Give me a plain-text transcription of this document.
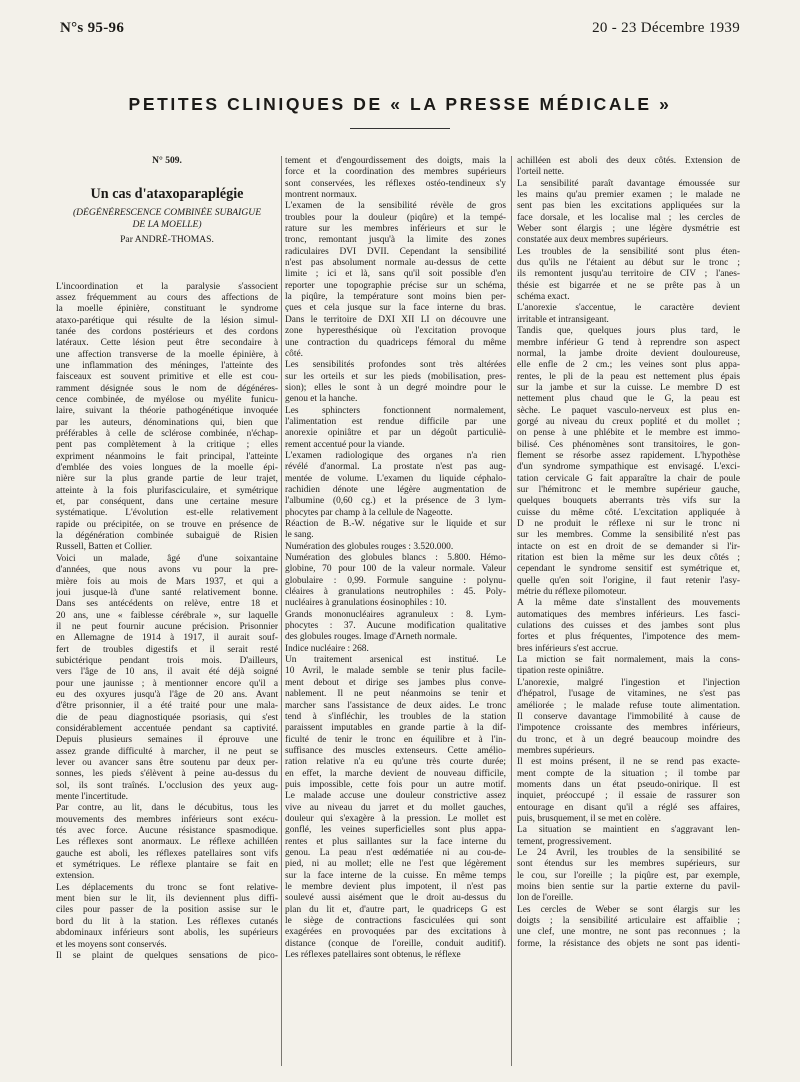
N°s 95-96	20 - 23 Décembre 1939
PETITES CLINIQUES DE « LA PRESSE MÉDICALE »
N° 509.
Un cas d'ataxoparaplégie
(DÉGÉNÉRESCENCE COMBINÉE SUBAIGUE
DE LA MOELLE)
Par ANDRÉ-THOMAS.
L'incoordination et la paralysie s'associent
assez fréquemment au cours des affections de
la moelle épinière, constituant le syndrome
ataxo-parétique qui résulte de la lésion simul-
tanée des cordons postérieurs et des cordons
latéraux. Cette lésion peut être secondaire à
une affection transverse de la moelle épinière, à
une inflammation des méninges, l'atteinte des
faisceaux est souvent primitive et elle est cou-
ramment désignée sous le nom de dégénéres-
cence combinée, de myélose ou myélite funicu-
laire, suivant la théorie pathogénétique invoquée
par les auteurs, dénominations qui, bien que
préférables à celle de sclérose combinée, n'échap-
pent pas complètement à la critique ; elles
expriment néanmoins le fait principal, l'atteinte
d'emblée des voies longues de la moelle épi-
nière sur la plus grande partie de leur trajet,
atteinte à la fois plurifasciculaire, et symétrique
et, par conséquent, dans une certaine mesure
systématique. L'évolution est-elle relativement
rapide ou précipitée, on se trouve en présence de
la dégénération combinée subaiguë de Risien
Russell, Batten et Collier.
Voici un malade, âgé d'une soixantaine
d'années, que nous avons vu pour la pre-
mière fois au mois de Mars 1937, et qui a
joui jusque-là d'une santé relativement bonne.
Dans ses antécédents on relève, entre 18 et
20 ans, une « faiblesse cérébrale », sur laquelle
il ne peut fournir aucune précision. Prisonnier
en Allemagne de 1914 à 1917, il aurait souf-
fert de troubles digestifs et il serait resté
subictérique pendant trois mois. D'ailleurs,
vers l'âge de 10 ans, il avait été déjà soigné
pour une jaunisse ; à mentionner encore qu'il a
eu des oxyures jusqu'à l'âge de 20 ans. Avant
d'être prisonnier, il a été traité pour une mala-
die de peau diagnostiquée psoriasis, qui s'est
considérablement accentuée pendant sa captivité.
Depuis plusieurs semaines il éprouve une
assez grande difficulté à marcher, il ne peut se
lever ou avancer sans être soutenu par deux per-
sonnes, les pieds s'élèvent à peine au-dessus du
sol, ils sont traînés. L'occlusion des yeux aug-
mente l'incertitude.
Par contre, au lit, dans le décubitus, tous les
mouvements des membres inférieurs sont exécu-
tés avec force. Aucune résistance spasmodique.
Les réflexes sont anormaux. Le réflexe achilléen
gauche est aboli, les réflexes patellaires sont vifs
et symétriques. Le réflexe plantaire se fait en
extension.
Les déplacements du tronc se font relative-
ment bien sur le lit, ils deviennent plus diffi-
ciles pour passer de la position assise sur le
bord du lit à la station. Les réflexes cutanés
abdominaux inférieurs sont abolis, les supérieurs
et les moyens sont conservés.
Il se plaint de quelques sensations de pico-
tement et d'engourdissement des doigts, mais la
force et la coordination des membres supérieurs
sont conservées, les réflexes ostéo-tendineux s'y
montrent normaux.
L'examen de la sensibilité révèle de gros
troubles pour la douleur (piqûre) et la tempé-
rature sur les membres inférieurs et sur le
tronc, remontant jusqu'à la limite des zones
radiculaires DVI DVII. Cependant la sensibilité
n'est pas absolument normale au-dessus de cette
limite ; ici et là, sans qu'il soit possible d'en
reporter une topographie précise sur un schéma,
la piqûre, la température sont moins bien per-
çues et cela jusque sur la face interne du bras.
Dans le territoire de DXI XII LI on découvre une
zone hyperesthésique où l'excitation provoque
une contraction du quadriceps fémoral du même
côté.
Les sensibilités profondes sont très altérées
sur les orteils et sur les pieds (mobilisation, pres-
sion); elles le sont à un degré moindre pour le
genou et la hanche.
Les sphincters fonctionnent normalement,
l'alimentation est rendue difficile par une
anorexie opiniâtre et par un dégoût particuliè-
rement accentué pour la viande.
L'examen radiologique des organes n'a rien
révélé d'anormal. La prostate n'est pas aug-
mentée de volume. L'examen du liquide céphalo-
rachidien dénote une légère augmentation de
l'albumine (0,60 cg.) et la présence de 3 lym-
phocytes par champ à la cellule de Nageotte.
Réaction de B.-W. négative sur le liquide et sur
le sang.
Numération des globules rouges : 3.520.000.
Numération des globules blancs : 5.800. Hémo-
globine, 70 pour 100 de la valeur normale. Valeur
globulaire : 0,99. Formule sanguine : polynu-
cléaires à granulations neutrophiles : 45. Poly-
nucléaires à granulations éosinophiles : 10.
Grands mononucléaires agranuleux : 8. Lym-
phocytes : 37. Aucune modification qualitative
des globules rouges. Image d'Arneth normale.
Indice nucléaire : 268.
Un traitement arsenical est institué. Le
10 Avril, le malade semble se tenir plus facile-
ment debout et dirige ses jambes plus conve-
nablement. Il ne peut néanmoins se tenir et
marcher sans l'assistance de deux aides. Le tronc
tend à s'infléchir, les troubles de la station
paraissent imputables en grande partie à la dif-
ficulté de tenir le tronc en équilibre et à l'in-
suffisance des muscles extenseurs. Cette amélio-
ration relative n'a eu qu'une très courte durée;
en effet, la marche devient de nouveau difficile,
puis impossible, cette fois pour un autre motif.
Le malade accuse une douleur constrictive assez
vive au niveau du jarret et du mollet gauches,
douleur qui s'exagère à la pression. Le mollet est
gonflé, les veines superficielles sont plus appa-
rentes et plus saillantes sur la face interne du
genou. La peau n'est œdématiée ni au cou-de-
pied, ni au mollet; elle ne l'est que légèrement
sur la face interne de la cuisse. En même temps
le membre devient plus impotent, il n'est pas
soulevé aussi aisément que le droit au-dessus du
plan du lit et, d'autre part, le quadriceps G est
le siège de contractions fasciculées qui sont
exagérées en provoquées par des excitations à
distance (conque de l'oreille, conduit auditif).
Les réflexes patellaires sont obtenus, le réflexe
achilléen est aboli des deux côtés. Extension de
l'orteil nette.
La sensibilité paraît davantage émoussée sur
les mains qu'au premier examen ; le malade ne
sent pas bien les excitations appliquées sur la
face dorsale, et les localise mal ; les cercles de
Weber sont élargis ; une légère dysmétrie est
constatée aux deux membres supérieurs.
Les troubles de la sensibilité sont plus éten-
dus qu'ils ne l'étaient au début sur le tronc ;
ils remontent jusqu'au territoire de CIV ; l'anes-
thésie est bigarrée et ne se prête pas à un
schéma exact.
L'anorexie s'accentue, le caractère devient
irritable et intransigeant.
Tandis que, quelques jours plus tard, le
membre inférieur G tend à reprendre son aspect
normal, la jambe droite devient douloureuse,
elle enfle de 2 cm.; les veines sont plus appa-
rentes, le pli de la peau est nettement plus épais
sur la jambe et sur la cuisse. Le membre D est
nettement plus chaud que le G, la peau est
sèche. Le paquet vasculo-nerveux est plus en-
gorgé au niveau du creux poplité et du mollet ;
on pense à une phlébite et le membre est immo-
bilisé. Ces phénomènes sont transitoires, le gon-
flement se résorbe assez rapidement. L'hypothèse
d'un syndrome sympathique est envisagé. L'exci-
tation cervicale G fait apparaître la chair de poule
sur l'hémitronc et le membre supérieur gauche,
quelques bouquets aberrants très vifs sur la
cuisse du même côté. L'excitation appliquée à
D ne produit le réflexe ni sur le tronc ni
sur les membres. Comme la sensibilité n'est pas
intacte on est en droit de se demander si l'ir-
ritation est bien la même sur les deux côtés ;
cependant le syndrome sensitif est symétrique et,
quelle qu'en soit l'origine, il faut retenir l'asy-
métrie du réflexe pilomoteur.
A la même date s'installent des mouvements
automatiques des membres inférieurs. Les fasci-
culations des cuisses et des jambes sont plus
fortes et plus fréquentes, l'impotence des mem-
bres inférieurs s'est accrue.
La miction se fait normalement, mais la cons-
tipation reste opiniâtre.
L'anorexie, malgré l'ingestion et l'injection
d'hépatrol, l'usage de vitamines, ne s'est pas
améliorée ; le malade refuse toute alimentation.
Il conserve davantage l'immobilité à cause de
l'impotence croissante des membres inférieurs,
du tronc, et à un degré beaucoup moindre des
membres supérieurs.
Il est moins présent, il ne se rend pas exacte-
ment compte de la situation ; il tombe par
moments dans un état pseudo-onirique. Il est
inquiet, préoccupé ; il essaie de rassurer son
entourage en disant qu'il a réglé ses affaires,
puis, brusquement, il se met en colère.
La situation se maintient en s'aggravant len-
tement, progressivement.
Le 24 Avril, les troubles de la sensibilité se
sont étendus sur les membres supérieurs, sur
le cou, sur l'oreille ; la piqûre est, par exemple,
moins bien sentie sur la partie externe du pavil-
lon de l'oreille.
Les cercles de Weber se sont élargis sur les
doigts ; la sensibilité articulaire est affaiblie ;
une clef, une montre, ne sont pas reconnues ; la
forme, la résistance des objets ne sont pas identi-
